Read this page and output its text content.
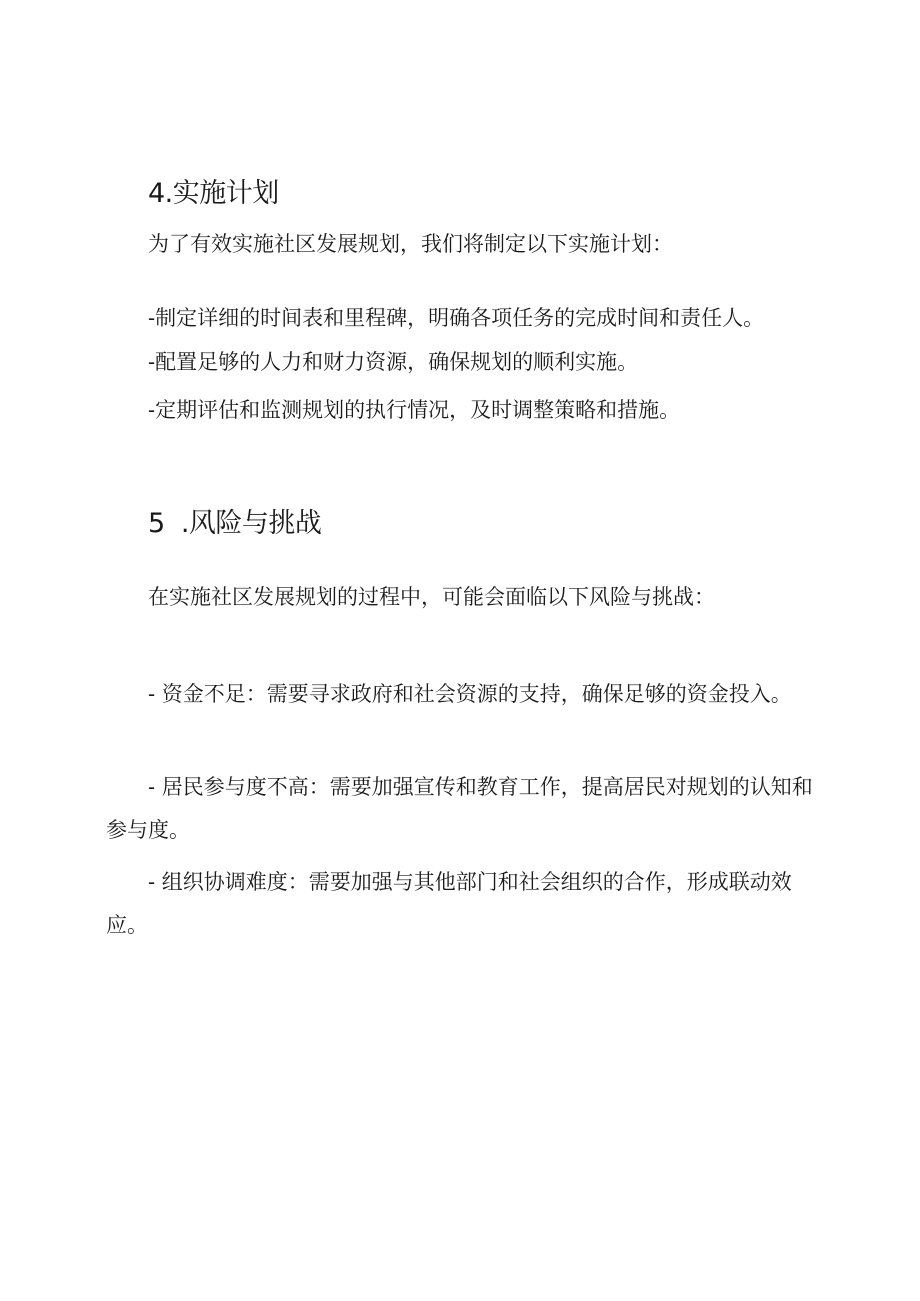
4.实施计划

为了有效实施社区发展规划，我们将制定以下实施计划：

-制定详细的时间表和里程碑，明确各项任务的完成时间和责任人。

-配置足够的人力和财力资源，确保规划的顺利实施。

-定期评估和监测规划的执行情况，及时调整策略和措施。

5  .风险与挑战

在实施社区发展规划的过程中，可能会面临以下风险与挑战：

- 资金不足：需要寻求政府和社会资源的支持，确保足够的资金投入。

- 居民参与度不高：需要加强宣传和教育工作，提高居民对规划的认知和参与度。

- 组织协调难度：需要加强与其他部门和社会组织的合作，形成联动效应。
